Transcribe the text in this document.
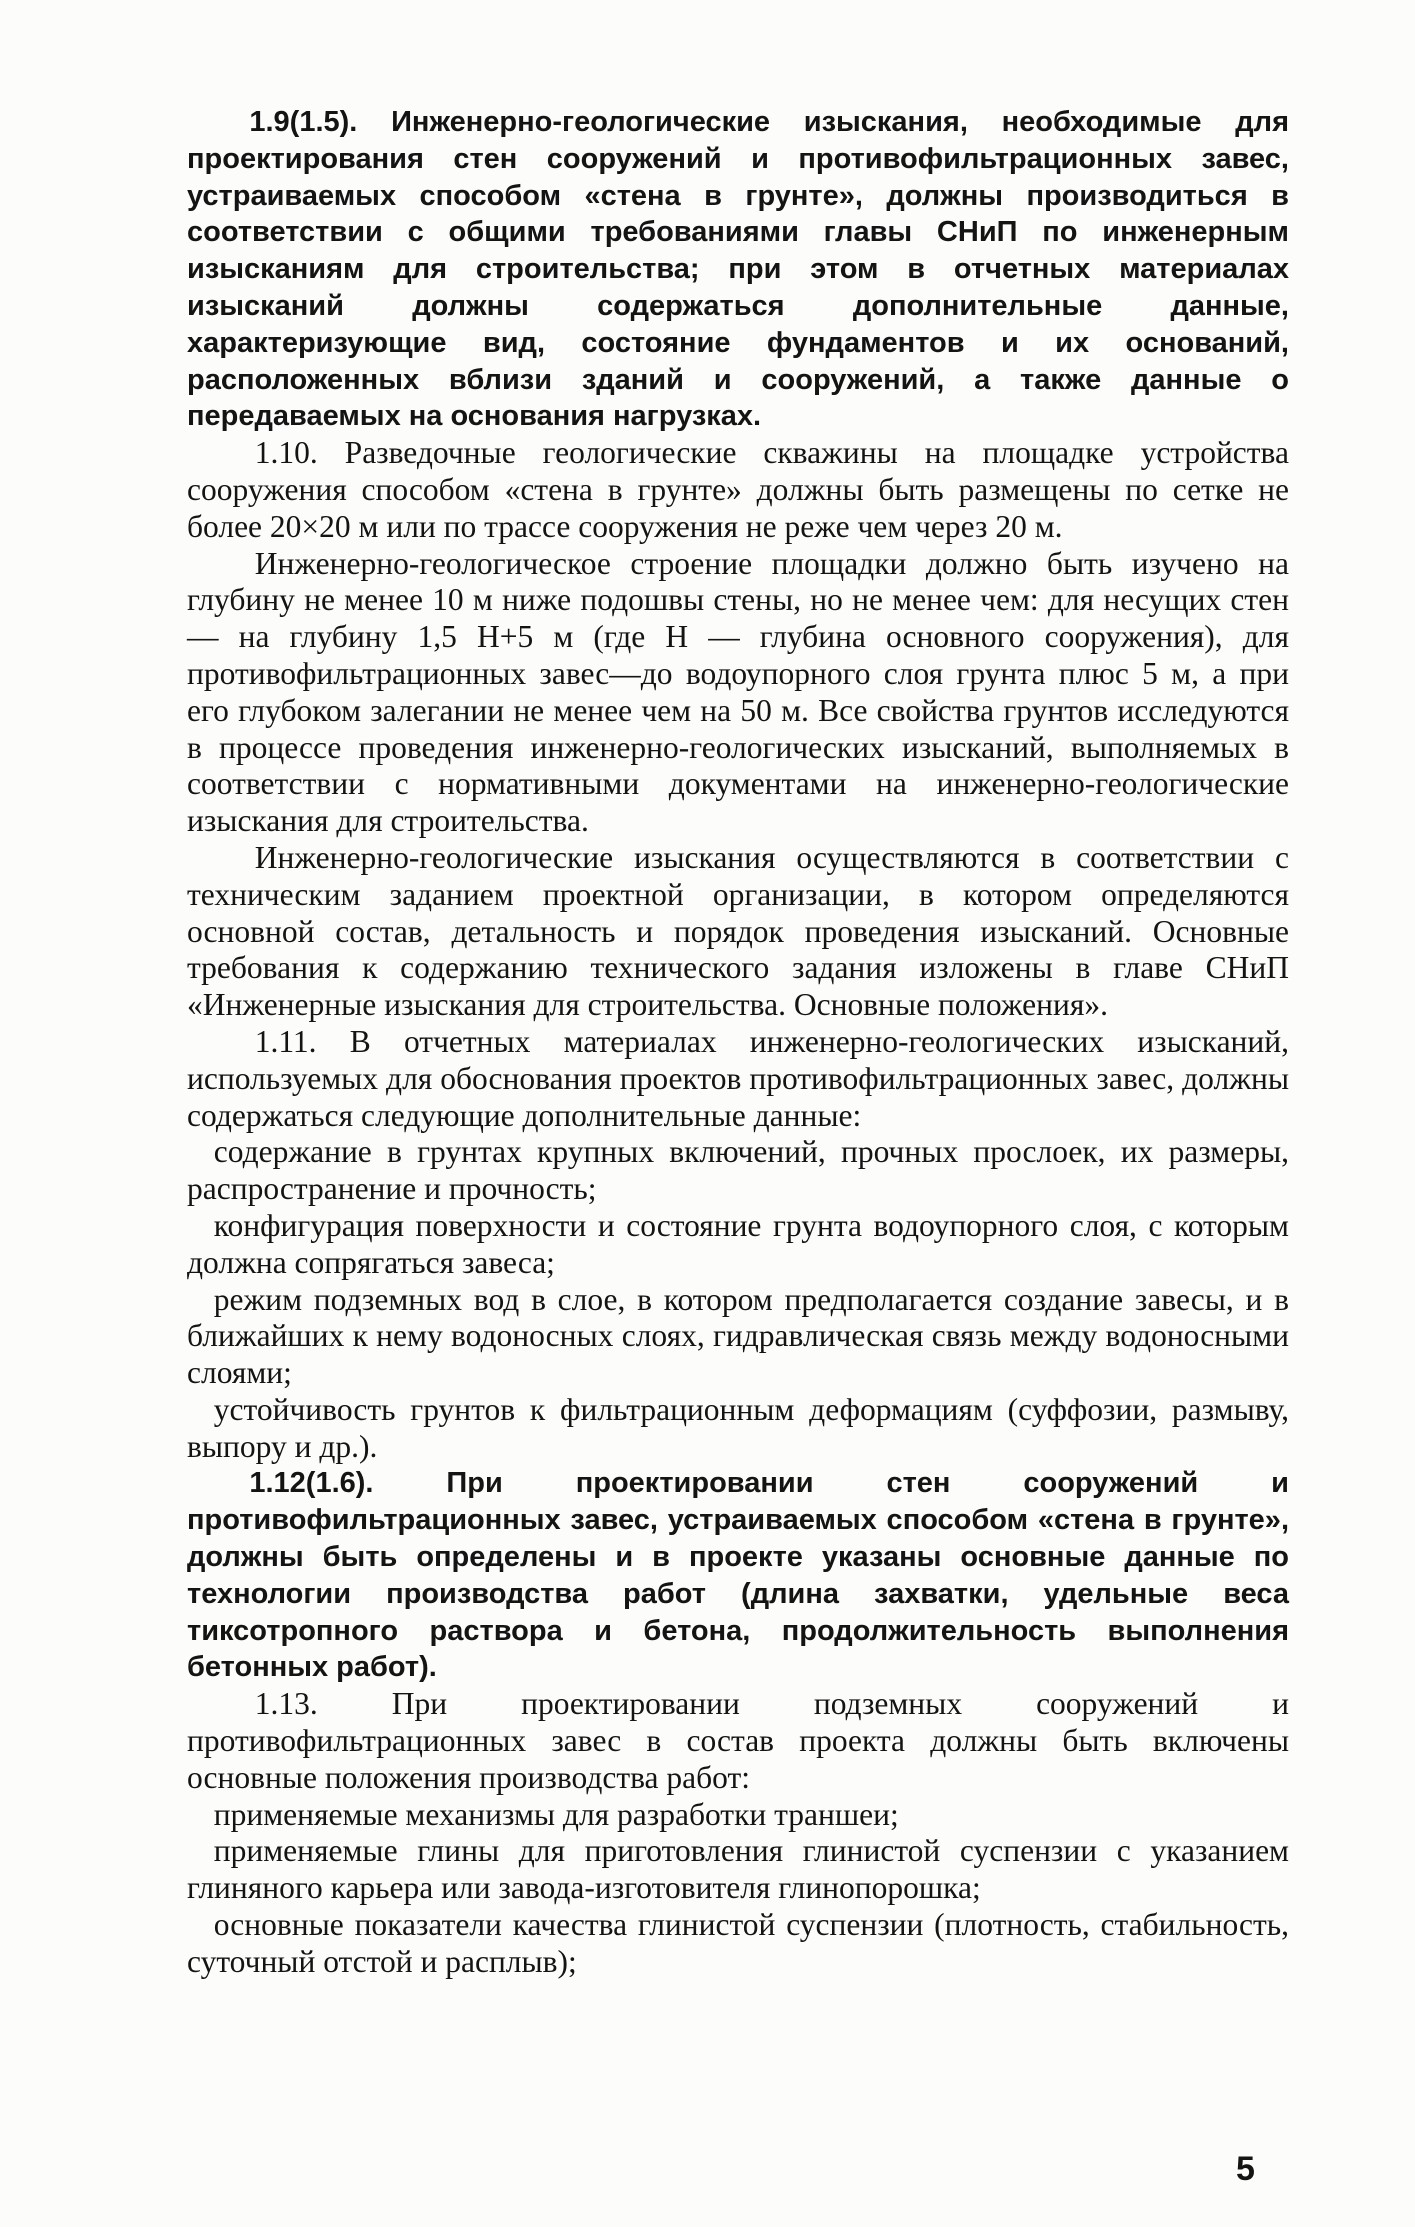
1.9(1.5). Инженерно-геологические изыскания, необходимые для проектирования стен сооружений и противофильтрационных завес, устраиваемых способом «стена в грунте», должны производиться в соответствии с общими требованиями главы СНиП по инженерным изысканиям для строительства; при этом в отчетных материалах изысканий должны содержаться дополнительные данные, характеризующие вид, состояние фундаментов и их оснований, расположенных вблизи зданий и сооружений, а также данные о передаваемых на основания нагрузках.

1.10. Разведочные геологические скважины на площадке устройства сооружения способом «стена в грунте» должны быть размещены по сетке не более 20×20 м или по трассе сооружения не реже чем через 20 м.

Инженерно-геологическое строение площадки должно быть изучено на глубину не менее 10 м ниже подошвы стены, но не менее чем: для несущих стен — на глубину 1,5 H+5 м (где H — глубина основного сооружения), для противофильтрационных завес—до водоупорного слоя грунта плюс 5 м, а при его глубоком залегании не менее чем на 50 м. Все свойства грунтов исследуются в процессе проведения инженерно-геологических изысканий, выполняемых в соответствии с нормативными документами на инженерно-геологические изыскания для строительства.

Инженерно-геологические изыскания осуществляются в соответствии с техническим заданием проектной организации, в котором определяются основной состав, детальность и порядок проведения изысканий. Основные требования к содержанию технического задания изложены в главе СНиП «Инженерные изыскания для строительства. Основные положения».

1.11. В отчетных материалах инженерно-геологических изысканий, используемых для обоснования проектов противофильтрационных завес, должны содержаться следующие дополнительные данные:

содержание в грунтах крупных включений, прочных прослоек, их размеры, распространение и прочность;

конфигурация поверхности и состояние грунта водоупорного слоя, с которым должна сопрягаться завеса;

режим подземных вод в слое, в котором предполагается создание завесы, и в ближайших к нему водоносных слоях, гидравлическая связь между водоносными слоями;

устойчивость грунтов к фильтрационным деформациям (суффозии, размыву, выпору и др.).

1.12(1.6). При проектировании стен сооружений и противофильтрационных завес, устраиваемых способом «стена в грунте», должны быть определены и в проекте указаны основные данные по технологии производства работ (длина захватки, удельные веса тиксотропного раствора и бетона, продолжительность выполнения бетонных работ).

1.13. При проектировании подземных сооружений и противофильтрационных завес в состав проекта должны быть включены основные положения производства работ:

применяемые механизмы для разработки траншеи;

применяемые глины для приготовления глинистой суспензии с указанием глиняного карьера или завода-изготовителя глинопорошка;

основные показатели качества глинистой суспензии (плотность, стабильность, суточный отстой и расплыв);

5
